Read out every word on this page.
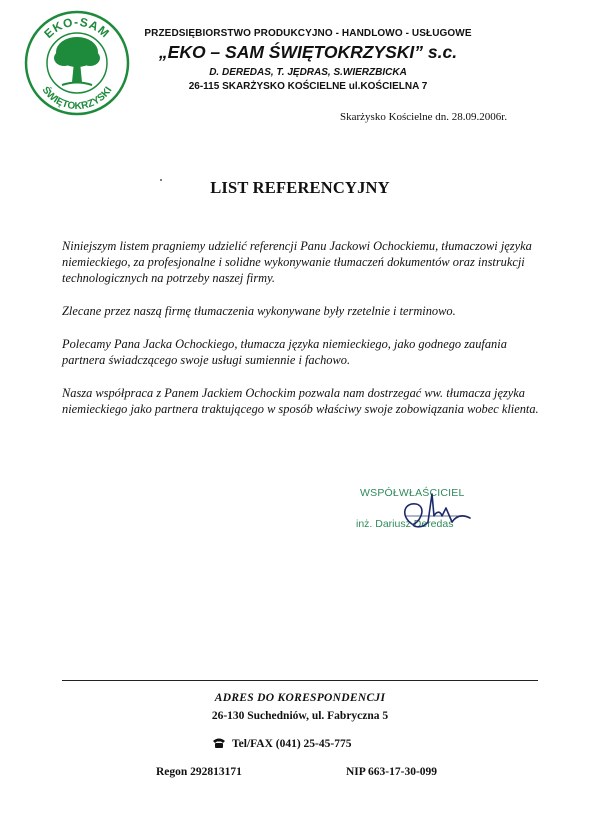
EKO-SAM
ŚWIĘTOKRZYSKI
PRZEDSIĘBIORSTWO PRODUKCYJNO - HANDLOWO - USŁUGOWE
„EKO – SAM ŚWIĘTOKRZYSKI” s.c.
D. DEREDAS, T. JĘDRAS, S.WIERZBICKA
26-115 SKARŻYSKO KOŚCIELNE ul.KOŚCIELNA 7
Skarżysko Kościelne dn. 28.09.2006r.
LIST REFERENCYJNY

Niniejszym listem pragniemy udzielić referencji Panu Jackowi Ochockiemu, tłumaczowi języka niemieckiego, za profesjonalne i solidne wykonywanie tłumaczeń dokumentów oraz instrukcji technologicznych na potrzeby naszej firmy.

Zlecane przez naszą firmę tłumaczenia wykonywane były rzetelnie i terminowo.

Polecamy Pana Jacka Ochockiego, tłumacza języka niemieckiego, jako godnego zaufania partnera świadczącego swoje usługi sumiennie i fachowo.

Nasza współpraca z Panem Jackiem Ochockim pozwala nam dostrzegać ww. tłumacza języka niemieckiego jako partnera traktującego w sposób właściwy swoje zobowiązania wobec klienta.

WSPÓŁWŁAŚCICIEL
inż. Dariusz Deredas
ADRES DO KORESPONDENCJI
26-130 Suchedniów, ul. Fabryczna 5
Tel/FAX (041) 25-45-775
Regon 292813171	NIP 663-17-30-099
